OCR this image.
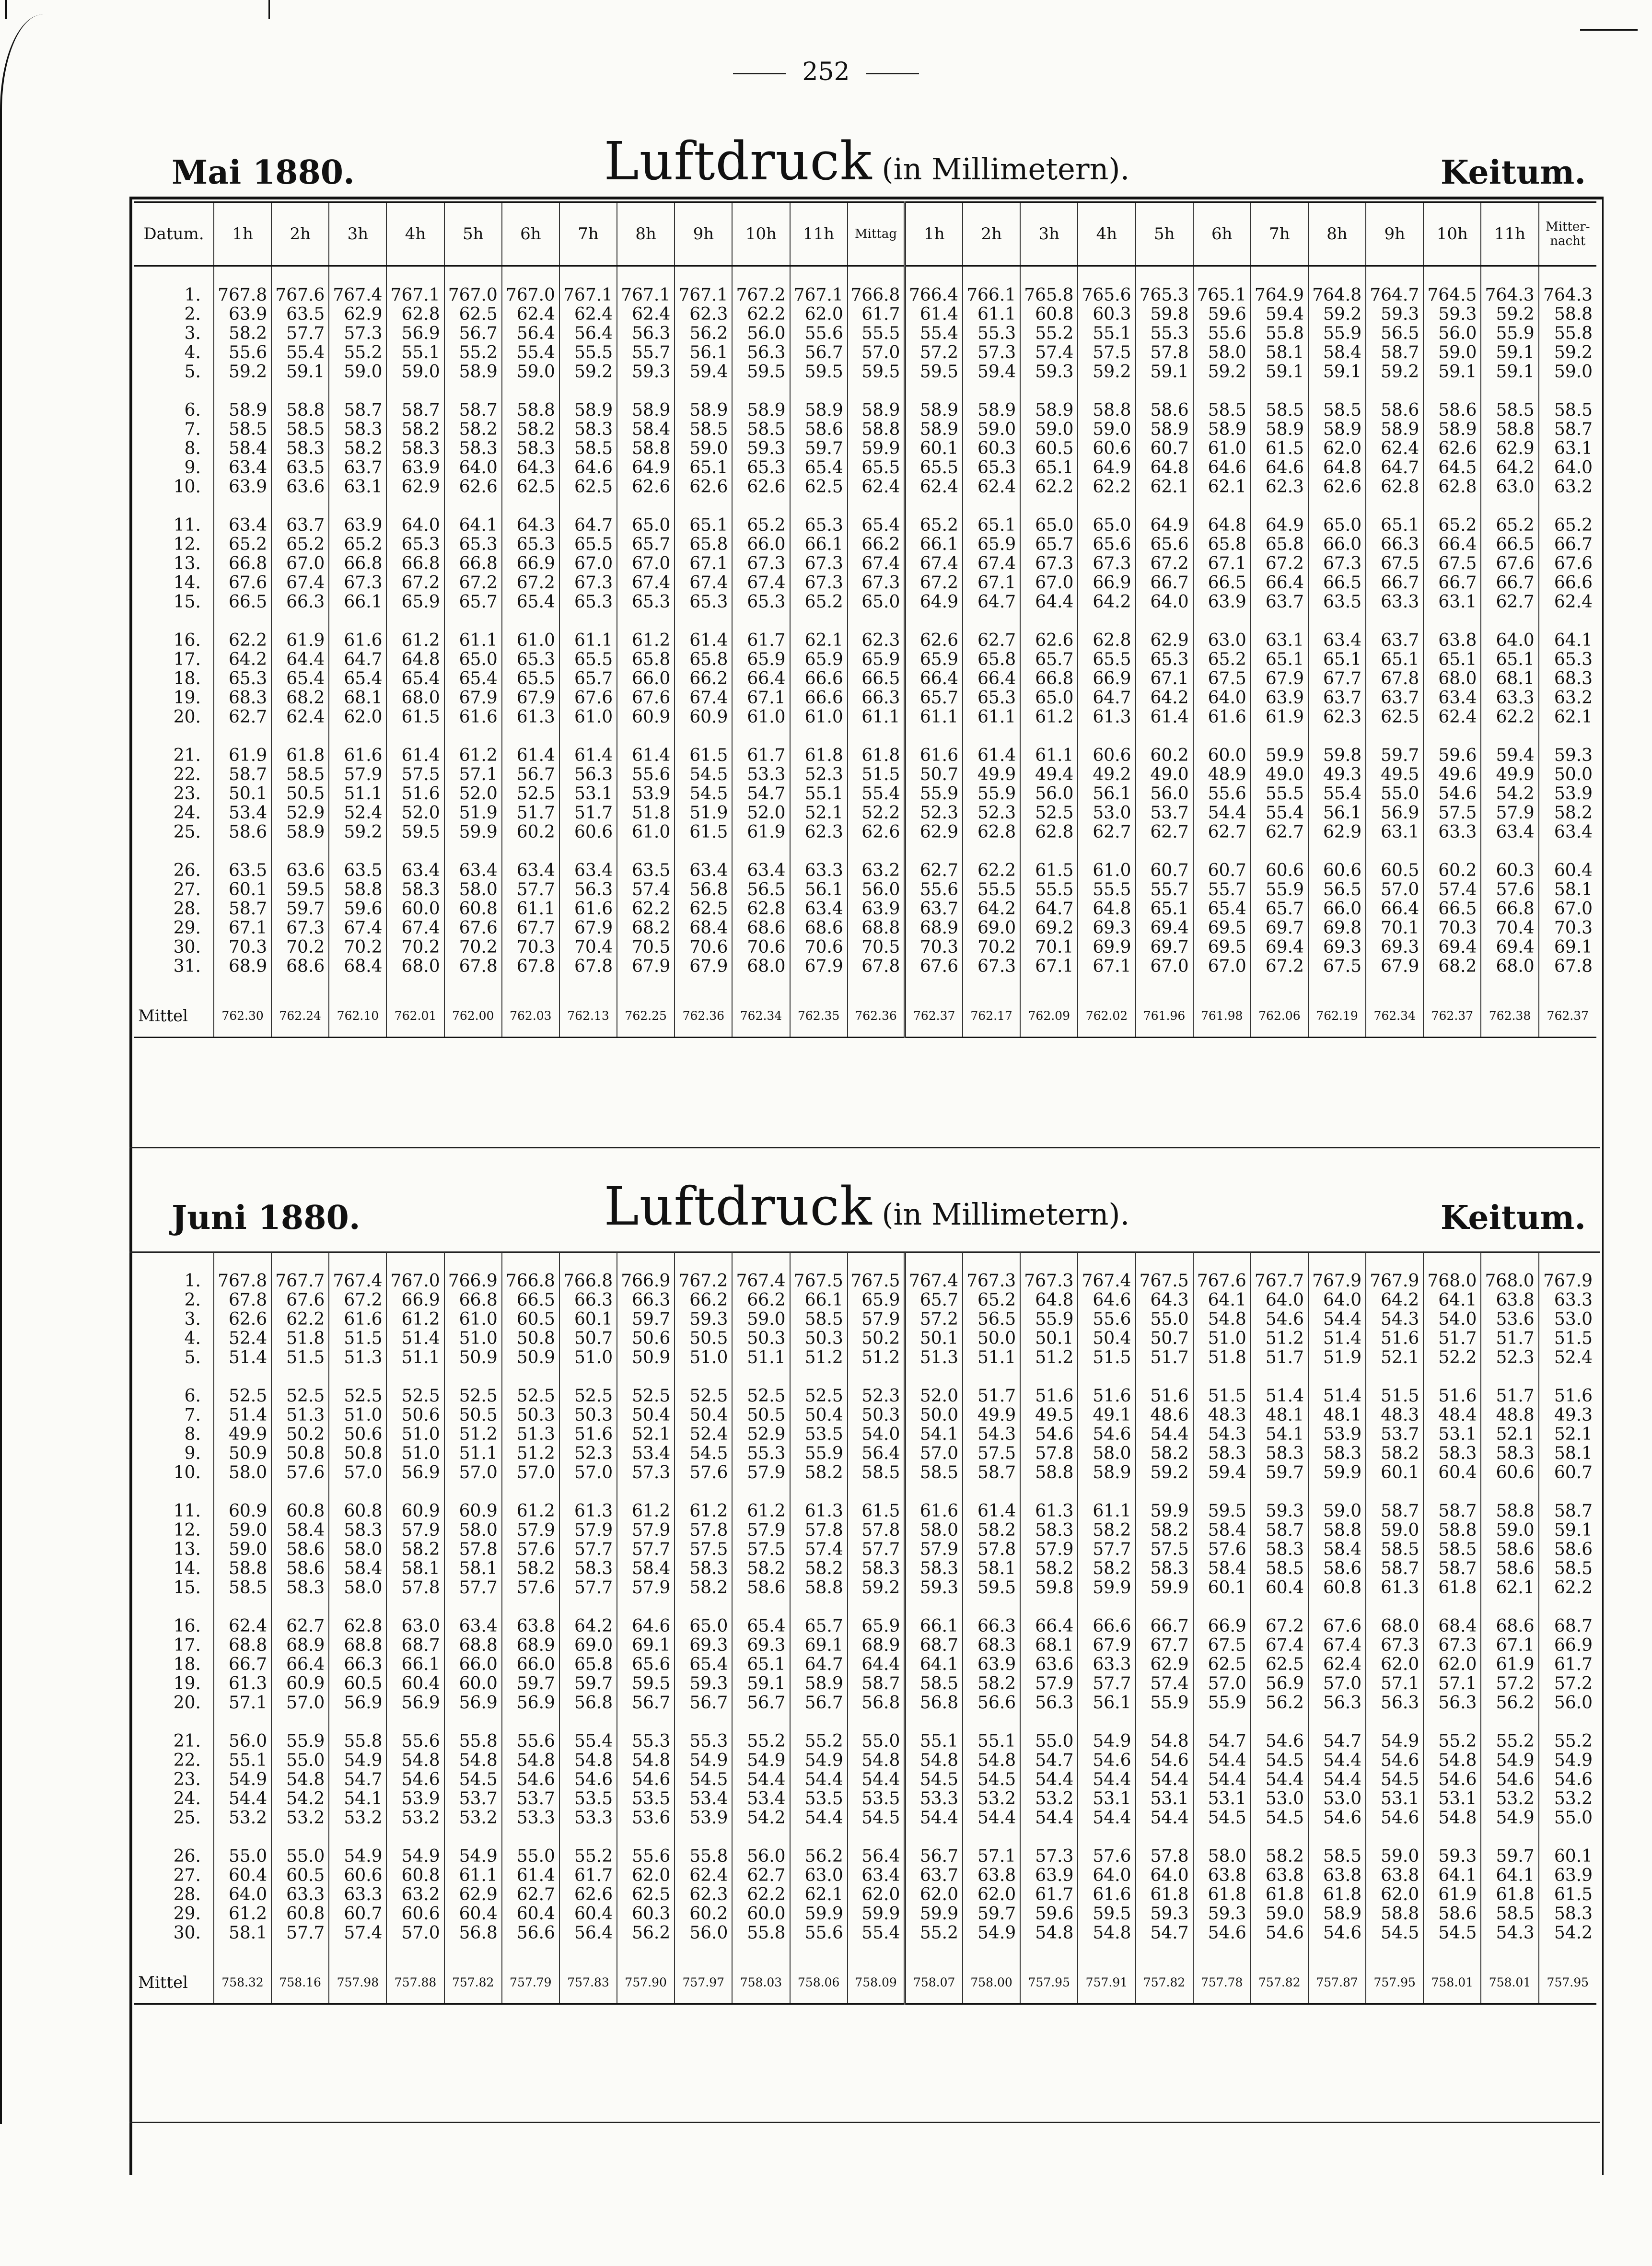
252
Mai 1880.	Luftdruck (in Millimetern).	Keitum.
Datum.	1h	2h	3h	4h	5h	6h	7h	8h	9h	10h	11h	Mittag	1h	2h	3h	4h	5h	6h	7h	8h	9h	10h	11h	Mitter-nacht

1.	767.8	767.6	767.4	767.1	767.0	767.0	767.1	767.1	767.1	767.2	767.1	766.8	766.4	766.1	765.8	765.6	765.3	765.1	764.9	764.8	764.7	764.5	764.3	764.3
2.	63.9	63.5	62.9	62.8	62.5	62.4	62.4	62.4	62.3	62.2	62.0	61.7	61.4	61.1	60.8	60.3	59.8	59.6	59.4	59.2	59.3	59.3	59.2	58.8
3.	58.2	57.7	57.3	56.9	56.7	56.4	56.4	56.3	56.2	56.0	55.6	55.5	55.4	55.3	55.2	55.1	55.3	55.6	55.8	55.9	56.5	56.0	55.9	55.8
4.	55.6	55.4	55.2	55.1	55.2	55.4	55.5	55.7	56.1	56.3	56.7	57.0	57.2	57.3	57.4	57.5	57.8	58.0	58.1	58.4	58.7	59.0	59.1	59.2
5.	59.2	59.1	59.0	59.0	58.9	59.0	59.2	59.3	59.4	59.5	59.5	59.5	59.5	59.4	59.3	59.2	59.1	59.2	59.1	59.1	59.2	59.1	59.1	59.0

6.	58.9	58.8	58.7	58.7	58.7	58.8	58.9	58.9	58.9	58.9	58.9	58.9	58.9	58.9	58.9	58.8	58.6	58.5	58.5	58.5	58.6	58.6	58.5	58.5
7.	58.5	58.5	58.3	58.2	58.2	58.2	58.3	58.4	58.5	58.5	58.6	58.8	58.9	59.0	59.0	59.0	58.9	58.9	58.9	58.9	58.9	58.9	58.8	58.7
8.	58.4	58.3	58.2	58.3	58.3	58.3	58.5	58.8	59.0	59.3	59.7	59.9	60.1	60.3	60.5	60.6	60.7	61.0	61.5	62.0	62.4	62.6	62.9	63.1
9.	63.4	63.5	63.7	63.9	64.0	64.3	64.6	64.9	65.1	65.3	65.4	65.5	65.5	65.3	65.1	64.9	64.8	64.6	64.6	64.8	64.7	64.5	64.2	64.0
10.	63.9	63.6	63.1	62.9	62.6	62.5	62.5	62.6	62.6	62.6	62.5	62.4	62.4	62.4	62.2	62.2	62.1	62.1	62.3	62.6	62.8	62.8	63.0	63.2

11.	63.4	63.7	63.9	64.0	64.1	64.3	64.7	65.0	65.1	65.2	65.3	65.4	65.2	65.1	65.0	65.0	64.9	64.8	64.9	65.0	65.1	65.2	65.2	65.2
12.	65.2	65.2	65.2	65.3	65.3	65.3	65.5	65.7	65.8	66.0	66.1	66.2	66.1	65.9	65.7	65.6	65.6	65.8	65.8	66.0	66.3	66.4	66.5	66.7
13.	66.8	67.0	66.8	66.8	66.8	66.9	67.0	67.0	67.1	67.3	67.3	67.4	67.4	67.4	67.3	67.3	67.2	67.1	67.2	67.3	67.5	67.5	67.6	67.6
14.	67.6	67.4	67.3	67.2	67.2	67.2	67.3	67.4	67.4	67.4	67.3	67.3	67.2	67.1	67.0	66.9	66.7	66.5	66.4	66.5	66.7	66.7	66.7	66.6
15.	66.5	66.3	66.1	65.9	65.7	65.4	65.3	65.3	65.3	65.3	65.2	65.0	64.9	64.7	64.4	64.2	64.0	63.9	63.7	63.5	63.3	63.1	62.7	62.4

16.	62.2	61.9	61.6	61.2	61.1	61.0	61.1	61.2	61.4	61.7	62.1	62.3	62.6	62.7	62.6	62.8	62.9	63.0	63.1	63.4	63.7	63.8	64.0	64.1
17.	64.2	64.4	64.7	64.8	65.0	65.3	65.5	65.8	65.8	65.9	65.9	65.9	65.9	65.8	65.7	65.5	65.3	65.2	65.1	65.1	65.1	65.1	65.1	65.3
18.	65.3	65.4	65.4	65.4	65.4	65.5	65.7	66.0	66.2	66.4	66.6	66.5	66.4	66.4	66.8	66.9	67.1	67.5	67.9	67.7	67.8	68.0	68.1	68.3
19.	68.3	68.2	68.1	68.0	67.9	67.9	67.6	67.6	67.4	67.1	66.6	66.3	65.7	65.3	65.0	64.7	64.2	64.0	63.9	63.7	63.7	63.4	63.3	63.2
20.	62.7	62.4	62.0	61.5	61.6	61.3	61.0	60.9	60.9	61.0	61.0	61.1	61.1	61.1	61.2	61.3	61.4	61.6	61.9	62.3	62.5	62.4	62.2	62.1

21.	61.9	61.8	61.6	61.4	61.2	61.4	61.4	61.4	61.5	61.7	61.8	61.8	61.6	61.4	61.1	60.6	60.2	60.0	59.9	59.8	59.7	59.6	59.4	59.3
22.	58.7	58.5	57.9	57.5	57.1	56.7	56.3	55.6	54.5	53.3	52.3	51.5	50.7	49.9	49.4	49.2	49.0	48.9	49.0	49.3	49.5	49.6	49.9	50.0
23.	50.1	50.5	51.1	51.6	52.0	52.5	53.1	53.9	54.5	54.7	55.1	55.4	55.9	55.9	56.0	56.1	56.0	55.6	55.5	55.4	55.0	54.6	54.2	53.9
24.	53.4	52.9	52.4	52.0	51.9	51.7	51.7	51.8	51.9	52.0	52.1	52.2	52.3	52.3	52.5	53.0	53.7	54.4	55.4	56.1	56.9	57.5	57.9	58.2
25.	58.6	58.9	59.2	59.5	59.9	60.2	60.6	61.0	61.5	61.9	62.3	62.6	62.9	62.8	62.8	62.7	62.7	62.7	62.7	62.9	63.1	63.3	63.4	63.4

26.	63.5	63.6	63.5	63.4	63.4	63.4	63.4	63.5	63.4	63.4	63.3	63.2	62.7	62.2	61.5	61.0	60.7	60.7	60.6	60.6	60.5	60.2	60.3	60.4
27.	60.1	59.5	58.8	58.3	58.0	57.7	56.3	57.4	56.8	56.5	56.1	56.0	55.6	55.5	55.5	55.5	55.7	55.7	55.9	56.5	57.0	57.4	57.6	58.1
28.	58.7	59.7	59.6	60.0	60.8	61.1	61.6	62.2	62.5	62.8	63.4	63.9	63.7	64.2	64.7	64.8	65.1	65.4	65.7	66.0	66.4	66.5	66.8	67.0
29.	67.1	67.3	67.4	67.4	67.6	67.7	67.9	68.2	68.4	68.6	68.6	68.8	68.9	69.0	69.2	69.3	69.4	69.5	69.7	69.8	70.1	70.3	70.4	70.3
30.	70.3	70.2	70.2	70.2	70.2	70.3	70.4	70.5	70.6	70.6	70.6	70.5	70.3	70.2	70.1	69.9	69.7	69.5	69.4	69.3	69.3	69.4	69.4	69.1
31.	68.9	68.6	68.4	68.0	67.8	67.8	67.8	67.9	67.9	68.0	67.9	67.8	67.6	67.3	67.1	67.1	67.0	67.0	67.2	67.5	67.9	68.2	68.0	67.8

Mittel	762.30	762.24	762.10	762.01	762.00	762.03	762.13	762.25	762.36	762.34	762.35	762.36	762.37	762.17	762.09	762.02	761.96	761.98	762.06	762.19	762.34	762.37	762.38	762.37
Juni 1880.	Luftdruck (in Millimetern).	Keitum.

1.	767.8	767.7	767.4	767.0	766.9	766.8	766.8	766.9	767.2	767.4	767.5	767.5	767.4	767.3	767.3	767.4	767.5	767.6	767.7	767.9	767.9	768.0	768.0	767.9
2.	67.8	67.6	67.2	66.9	66.8	66.5	66.3	66.3	66.2	66.2	66.1	65.9	65.7	65.2	64.8	64.6	64.3	64.1	64.0	64.0	64.2	64.1	63.8	63.3
3.	62.6	62.2	61.6	61.2	61.0	60.5	60.1	59.7	59.3	59.0	58.5	57.9	57.2	56.5	55.9	55.6	55.0	54.8	54.6	54.4	54.3	54.0	53.6	53.0
4.	52.4	51.8	51.5	51.4	51.0	50.8	50.7	50.6	50.5	50.3	50.3	50.2	50.1	50.0	50.1	50.4	50.7	51.0	51.2	51.4	51.6	51.7	51.7	51.5
5.	51.4	51.5	51.3	51.1	50.9	50.9	51.0	50.9	51.0	51.1	51.2	51.2	51.3	51.1	51.2	51.5	51.7	51.8	51.7	51.9	52.1	52.2	52.3	52.4

6.	52.5	52.5	52.5	52.5	52.5	52.5	52.5	52.5	52.5	52.5	52.5	52.3	52.0	51.7	51.6	51.6	51.6	51.5	51.4	51.4	51.5	51.6	51.7	51.6
7.	51.4	51.3	51.0	50.6	50.5	50.3	50.3	50.4	50.4	50.5	50.4	50.3	50.0	49.9	49.5	49.1	48.6	48.3	48.1	48.1	48.3	48.4	48.8	49.3
8.	49.9	50.2	50.6	51.0	51.2	51.3	51.6	52.1	52.4	52.9	53.5	54.0	54.1	54.3	54.6	54.6	54.4	54.3	54.1	53.9	53.7	53.1	52.1	52.1
9.	50.9	50.8	50.8	51.0	51.1	51.2	52.3	53.4	54.5	55.3	55.9	56.4	57.0	57.5	57.8	58.0	58.2	58.3	58.3	58.3	58.2	58.3	58.3	58.1
10.	58.0	57.6	57.0	56.9	57.0	57.0	57.0	57.3	57.6	57.9	58.2	58.5	58.5	58.7	58.8	58.9	59.2	59.4	59.7	59.9	60.1	60.4	60.6	60.7

11.	60.9	60.8	60.8	60.9	60.9	61.2	61.3	61.2	61.2	61.2	61.3	61.5	61.6	61.4	61.3	61.1	59.9	59.5	59.3	59.0	58.7	58.7	58.8	58.7
12.	59.0	58.4	58.3	57.9	58.0	57.9	57.9	57.9	57.8	57.9	57.8	57.8	58.0	58.2	58.3	58.2	58.2	58.4	58.7	58.8	59.0	58.8	59.0	59.1
13.	59.0	58.6	58.0	58.2	57.8	57.6	57.7	57.7	57.5	57.5	57.4	57.7	57.9	57.8	57.9	57.7	57.5	57.6	58.3	58.4	58.5	58.5	58.6	58.6
14.	58.8	58.6	58.4	58.1	58.1	58.2	58.3	58.4	58.3	58.2	58.2	58.3	58.3	58.1	58.2	58.2	58.3	58.4	58.5	58.6	58.7	58.7	58.6	58.5
15.	58.5	58.3	58.0	57.8	57.7	57.6	57.7	57.9	58.2	58.6	58.8	59.2	59.3	59.5	59.8	59.9	59.9	60.1	60.4	60.8	61.3	61.8	62.1	62.2

16.	62.4	62.7	62.8	63.0	63.4	63.8	64.2	64.6	65.0	65.4	65.7	65.9	66.1	66.3	66.4	66.6	66.7	66.9	67.2	67.6	68.0	68.4	68.6	68.7
17.	68.8	68.9	68.8	68.7	68.8	68.9	69.0	69.1	69.3	69.3	69.1	68.9	68.7	68.3	68.1	67.9	67.7	67.5	67.4	67.4	67.3	67.3	67.1	66.9
18.	66.7	66.4	66.3	66.1	66.0	66.0	65.8	65.6	65.4	65.1	64.7	64.4	64.1	63.9	63.6	63.3	62.9	62.5	62.5	62.4	62.0	62.0	61.9	61.7
19.	61.3	60.9	60.5	60.4	60.0	59.7	59.7	59.5	59.3	59.1	58.9	58.7	58.5	58.2	57.9	57.7	57.4	57.0	56.9	57.0	57.1	57.1	57.2	57.2
20.	57.1	57.0	56.9	56.9	56.9	56.9	56.8	56.7	56.7	56.7	56.7	56.8	56.8	56.6	56.3	56.1	55.9	55.9	56.2	56.3	56.3	56.3	56.2	56.0

21.	56.0	55.9	55.8	55.6	55.8	55.6	55.4	55.3	55.3	55.2	55.2	55.0	55.1	55.1	55.0	54.9	54.8	54.7	54.6	54.7	54.9	55.2	55.2	55.2
22.	55.1	55.0	54.9	54.8	54.8	54.8	54.8	54.8	54.9	54.9	54.9	54.8	54.8	54.8	54.7	54.6	54.6	54.4	54.5	54.4	54.6	54.8	54.9	54.9
23.	54.9	54.8	54.7	54.6	54.5	54.6	54.6	54.6	54.5	54.4	54.4	54.4	54.5	54.5	54.4	54.4	54.4	54.4	54.4	54.4	54.5	54.6	54.6	54.6
24.	54.4	54.2	54.1	53.9	53.7	53.7	53.5	53.5	53.4	53.4	53.5	53.5	53.3	53.2	53.2	53.1	53.1	53.1	53.0	53.0	53.1	53.1	53.2	53.2
25.	53.2	53.2	53.2	53.2	53.2	53.3	53.3	53.6	53.9	54.2	54.4	54.5	54.4	54.4	54.4	54.4	54.4	54.5	54.5	54.6	54.6	54.8	54.9	55.0

26.	55.0	55.0	54.9	54.9	54.9	55.0	55.2	55.6	55.8	56.0	56.2	56.4	56.7	57.1	57.3	57.6	57.8	58.0	58.2	58.5	59.0	59.3	59.7	60.1
27.	60.4	60.5	60.6	60.8	61.1	61.4	61.7	62.0	62.4	62.7	63.0	63.4	63.7	63.8	63.9	64.0	64.0	63.8	63.8	63.8	63.8	64.1	64.1	63.9
28.	64.0	63.3	63.3	63.2	62.9	62.7	62.6	62.5	62.3	62.2	62.1	62.0	62.0	62.0	61.7	61.6	61.8	61.8	61.8	61.8	62.0	61.9	61.8	61.5
29.	61.2	60.8	60.7	60.6	60.4	60.4	60.4	60.3	60.2	60.0	59.9	59.9	59.9	59.7	59.6	59.5	59.3	59.3	59.0	58.9	58.8	58.6	58.5	58.3
30.	58.1	57.7	57.4	57.0	56.8	56.6	56.4	56.2	56.0	55.8	55.6	55.4	55.2	54.9	54.8	54.8	54.7	54.6	54.6	54.6	54.5	54.5	54.3	54.2

Mittel	758.32	758.16	757.98	757.88	757.82	757.79	757.83	757.90	757.97	758.03	758.06	758.09	758.07	758.00	757.95	757.91	757.82	757.78	757.82	757.87	757.95	758.01	758.01	757.95
